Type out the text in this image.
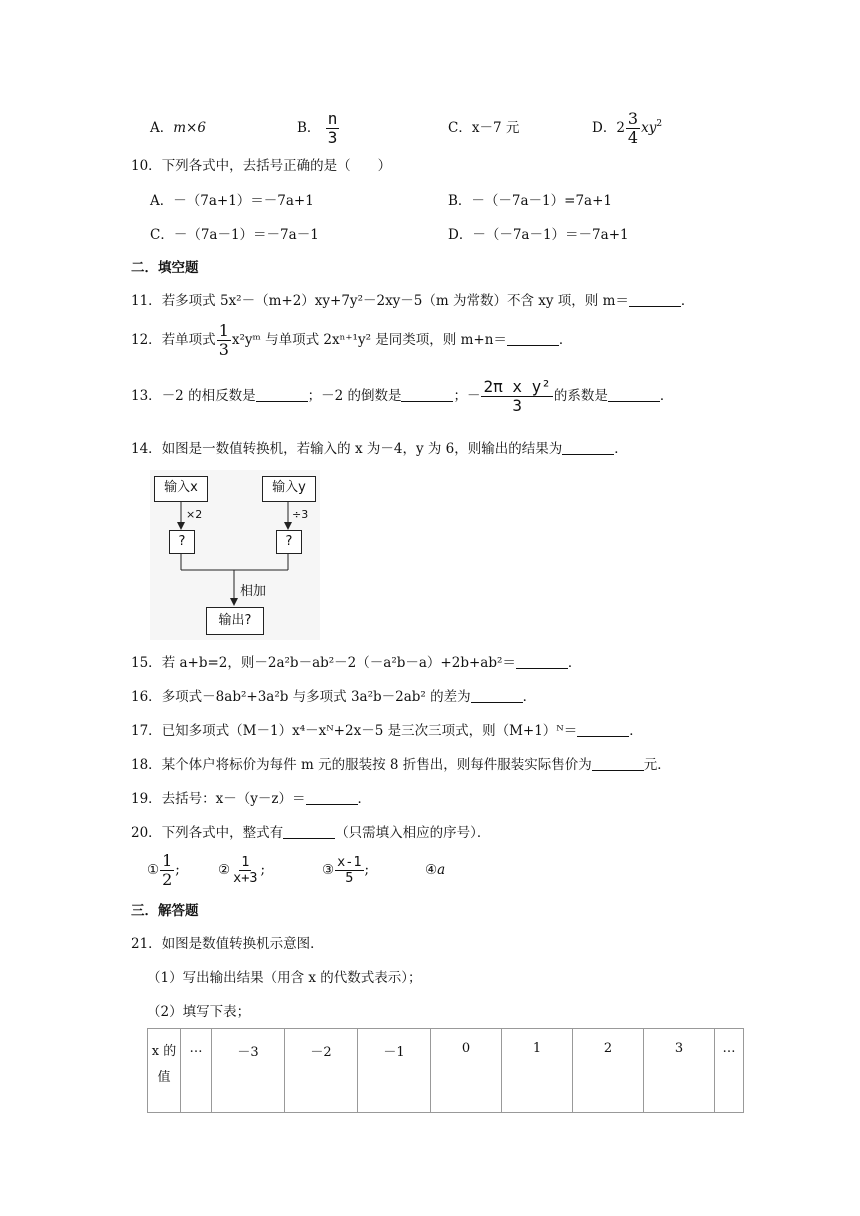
A．m×6	B． $\frac{n}{3}$	C．x－7 元	D．$2 \frac{3}{4} xy^2$
10．下列各式中，去括号正确的是（　　）
A．－（7a+1）＝－7a+1	B．－（－7a－1）=7a+1
C．－（7a－1）＝－7a－1	D．－（－7a－1）＝－7a+1
二．填空题
11．若多项式 5x²－（m+2）xy+7y²－2xy－5（m 为常数）不含 xy 项，则 m＝	．
12．若单项式 $\frac{1}{3}$ x²yᵐ 与单项式 2xⁿ⁺¹y² 是同类项，则 m+n＝	．
13．－2 的相反数是	；－2 的倒数是	；－ $\frac{\text{2π x y²}}{3}$ 的系数是	．
14．如图是一数值转换机，若输入的 x 为－4，y 为 6，则输出的结果为	．
输入x	输入y
×2	÷3
?	?
相加
输出?
15．若 a+b=2，则－2a²b－ab²－2（－a²b－a）+2b+ab²＝	．
16．多项式－8ab²+3a²b 与多项式 3a²b－2ab² 的差为	．
17．已知多项式（M－1）x⁴－xᴺ+2x－5 是三次三项式，则（M+1）ᴺ＝	．
18．某个体户将标价为每件 m 元的服装按 8 折售出，则每件服装实际售价为	元．
19．去括号：x－（y－z）＝	．
20．下列各式中，整式有	（只需填入相应的序号）．
① $\frac{1}{2}$ ;	② $\frac{1}{x+3}$ ;	③ $\frac{x-1}{5}$ ;	④a
三．解答题
21．如图是数值转换机示意图．
（1）写出输出结果（用含 x 的代数式表示）；
（2）填写下表；
x 的值	…	－3	－2	－1	0	1	2	3	…
